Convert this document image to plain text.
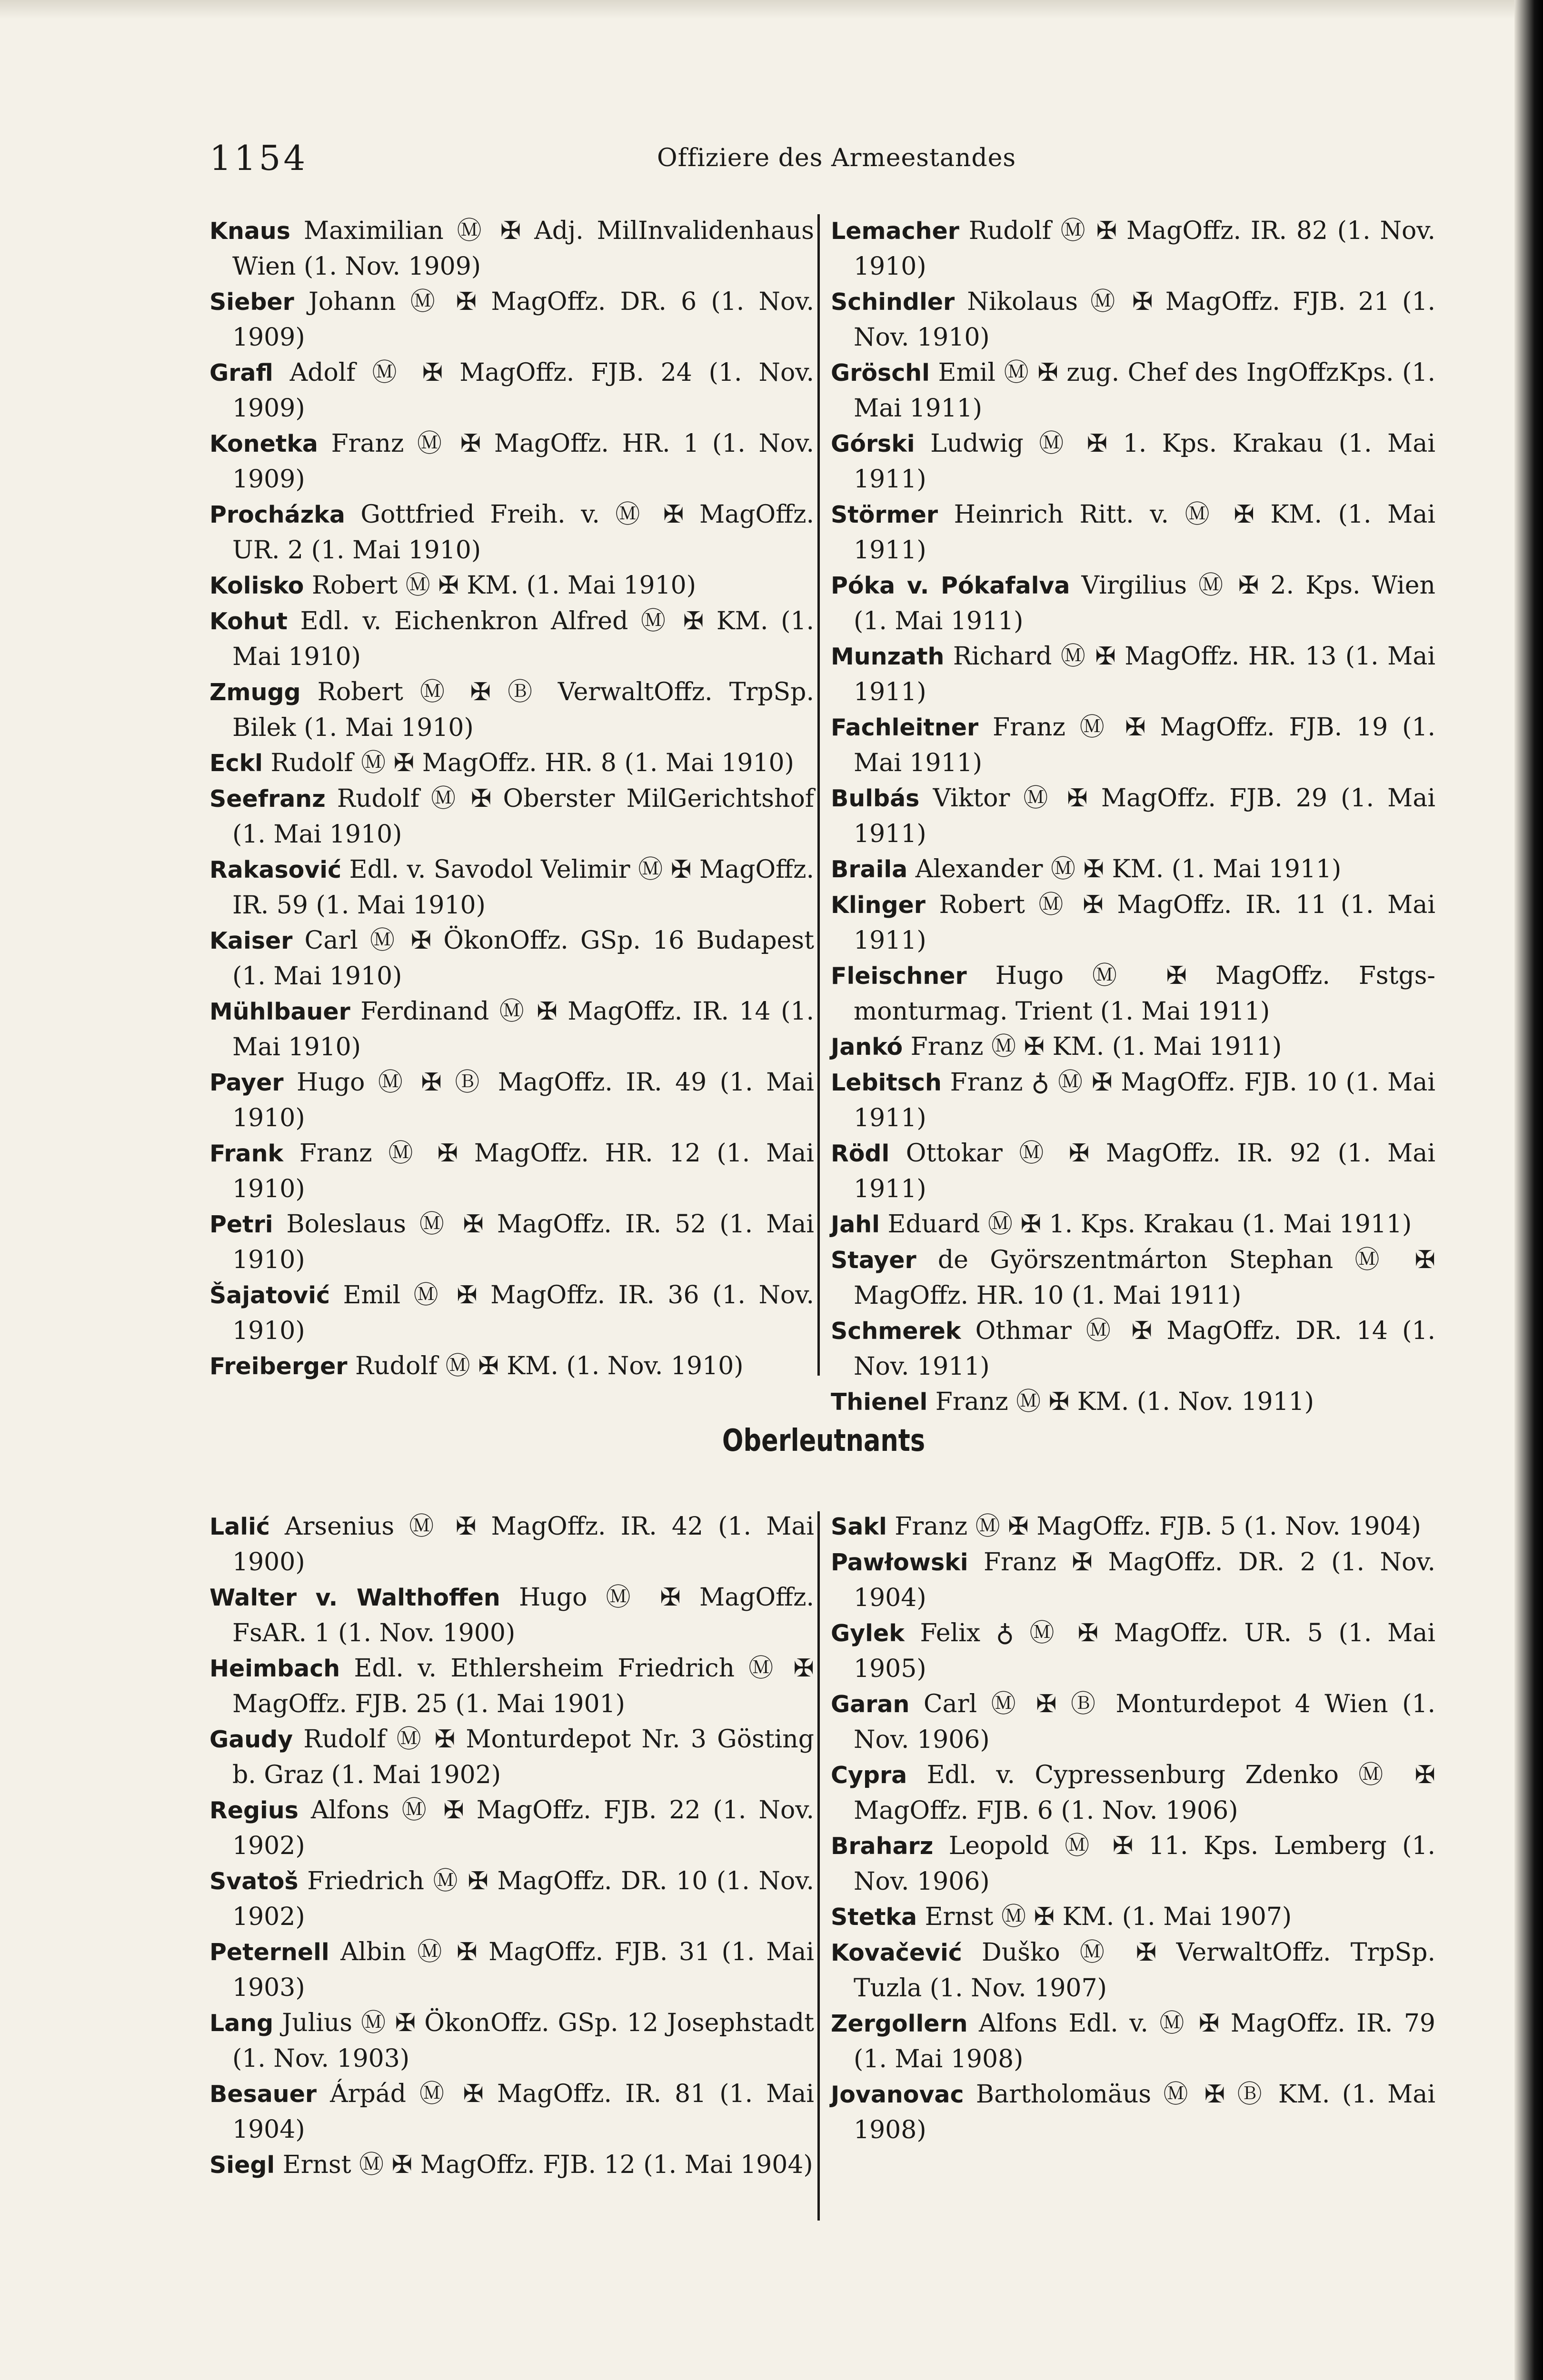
1154	Offiziere des Armeestandes

Knaus Maximilian Ⓜ ✠ Adj. MilInvalidenhaus Wien (1. Nov. 1909)

Sieber Johann Ⓜ ✠ MagOffz. DR. 6 (1. Nov. 1909)

Grafl Adolf Ⓜ ✠ MagOffz. FJB. 24 (1. Nov. 1909)

Konetka Franz Ⓜ ✠ MagOffz. HR. 1 (1. Nov. 1909)

Procházka Gottfried Freih. v. Ⓜ ✠ MagOffz. UR. 2 (1. Mai 1910)

Kolisko Robert Ⓜ ✠ KM. (1. Mai 1910)

Kohut Edl. v. Eichenkron Alfred Ⓜ ✠ KM. (1. Mai 1910)

Zmugg Robert Ⓜ ✠ Ⓑ VerwaltOffz. TrpSp. Bilek (1. Mai 1910)

Eckl Rudolf Ⓜ ✠ MagOffz. HR. 8 (1. Mai 1910)

Seefranz Rudolf Ⓜ ✠ Oberster MilGerichtshof (1. Mai 1910)

Rakasović Edl. v. Savodol Velimir Ⓜ ✠ MagOffz. IR. 59 (1. Mai 1910)

Kaiser Carl Ⓜ ✠ ÖkonOffz. GSp. 16 Budapest (1. Mai 1910)

Mühlbauer Ferdinand Ⓜ ✠ MagOffz. IR. 14 (1. Mai 1910)

Payer Hugo Ⓜ ✠ Ⓑ MagOffz. IR. 49 (1. Mai 1910)

Frank Franz Ⓜ ✠ MagOffz. HR. 12 (1. Mai 1910)

Petri Boleslaus Ⓜ ✠ MagOffz. IR. 52 (1. Mai 1910)

Šajatović Emil Ⓜ ✠ MagOffz. IR. 36 (1. Nov. 1910)

Freiberger Rudolf Ⓜ ✠ KM. (1. Nov. 1910)

Lemacher Rudolf Ⓜ ✠ MagOffz. IR. 82 (1. Nov. 1910)

Schindler Nikolaus Ⓜ ✠ MagOffz. FJB. 21 (1. Nov. 1910)

Gröschl Emil Ⓜ ✠ zug. Chef des IngOffzKps. (1. Mai 1911)

Górski Ludwig Ⓜ ✠ 1. Kps. Krakau (1. Mai 1911)

Störmer Heinrich Ritt. v. Ⓜ ✠ KM. (1. Mai 1911)

Póka v. Pókafalva Virgilius Ⓜ ✠ 2. Kps. Wien (1. Mai 1911)

Munzath Richard Ⓜ ✠ MagOffz. HR. 13 (1. Mai 1911)

Fachleitner Franz Ⓜ ✠ MagOffz. FJB. 19 (1. Mai 1911)

Bulbás Viktor Ⓜ ✠ MagOffz. FJB. 29 (1. Mai 1911)

Braila Alexander Ⓜ ✠ KM. (1. Mai 1911)

Klinger Robert Ⓜ ✠ MagOffz. IR. 11 (1. Mai 1911)

Fleischner Hugo Ⓜ ✠ MagOffz. Fstgs-monturmag. Trient (1. Mai 1911)

Jankó Franz Ⓜ ✠ KM. (1. Mai 1911)

Lebitsch Franz ♁ Ⓜ ✠ MagOffz. FJB. 10 (1. Mai 1911)

Rödl Ottokar Ⓜ ✠ MagOffz. IR. 92 (1. Mai 1911)

Jahl Eduard Ⓜ ✠ 1. Kps. Krakau (1. Mai 1911)

Stayer de Györszentmárton Stephan Ⓜ ✠ MagOffz. HR. 10 (1. Mai 1911)

Schmerek Othmar Ⓜ ✠ MagOffz. DR. 14 (1. Nov. 1911)

Thienel Franz Ⓜ ✠ KM. (1. Nov. 1911)

Oberleutnants

Lalić Arsenius Ⓜ ✠ MagOffz. IR. 42 (1. Mai 1900)

Walter v. Walthoffen Hugo Ⓜ ✠ MagOffz. FsAR. 1 (1. Nov. 1900)

Heimbach Edl. v. Ethlersheim Friedrich Ⓜ ✠ MagOffz. FJB. 25 (1. Mai 1901)

Gaudy Rudolf Ⓜ ✠ Monturdepot Nr. 3 Gösting b. Graz (1. Mai 1902)

Regius Alfons Ⓜ ✠ MagOffz. FJB. 22 (1. Nov. 1902)

Svatoš Friedrich Ⓜ ✠ MagOffz. DR. 10 (1. Nov. 1902)

Peternell Albin Ⓜ ✠ MagOffz. FJB. 31 (1. Mai 1903)

Lang Julius Ⓜ ✠ ÖkonOffz. GSp. 12 Josephstadt (1. Nov. 1903)

Besauer Árpád Ⓜ ✠ MagOffz. IR. 81 (1. Mai 1904)

Siegl Ernst Ⓜ ✠ MagOffz. FJB. 12 (1. Mai 1904)

Sakl Franz Ⓜ ✠ MagOffz. FJB. 5 (1. Nov. 1904)

Pawłowski Franz ✠ MagOffz. DR. 2 (1. Nov. 1904)

Gylek Felix ♁ Ⓜ ✠ MagOffz. UR. 5 (1. Mai 1905)

Garan Carl Ⓜ ✠ Ⓑ Monturdepot 4 Wien (1. Nov. 1906)

Cypra Edl. v. Cypressenburg Zdenko Ⓜ ✠ MagOffz. FJB. 6 (1. Nov. 1906)

Braharz Leopold Ⓜ ✠ 11. Kps. Lemberg (1. Nov. 1906)

Stetka Ernst Ⓜ ✠ KM. (1. Mai 1907)

Kovačević Duško Ⓜ ✠ VerwaltOffz. TrpSp. Tuzla (1. Nov. 1907)

Zergollern Alfons Edl. v. Ⓜ ✠ MagOffz. IR. 79 (1. Mai 1908)

Jovanovac Bartholomäus Ⓜ ✠ Ⓑ KM. (1. Mai 1908)
